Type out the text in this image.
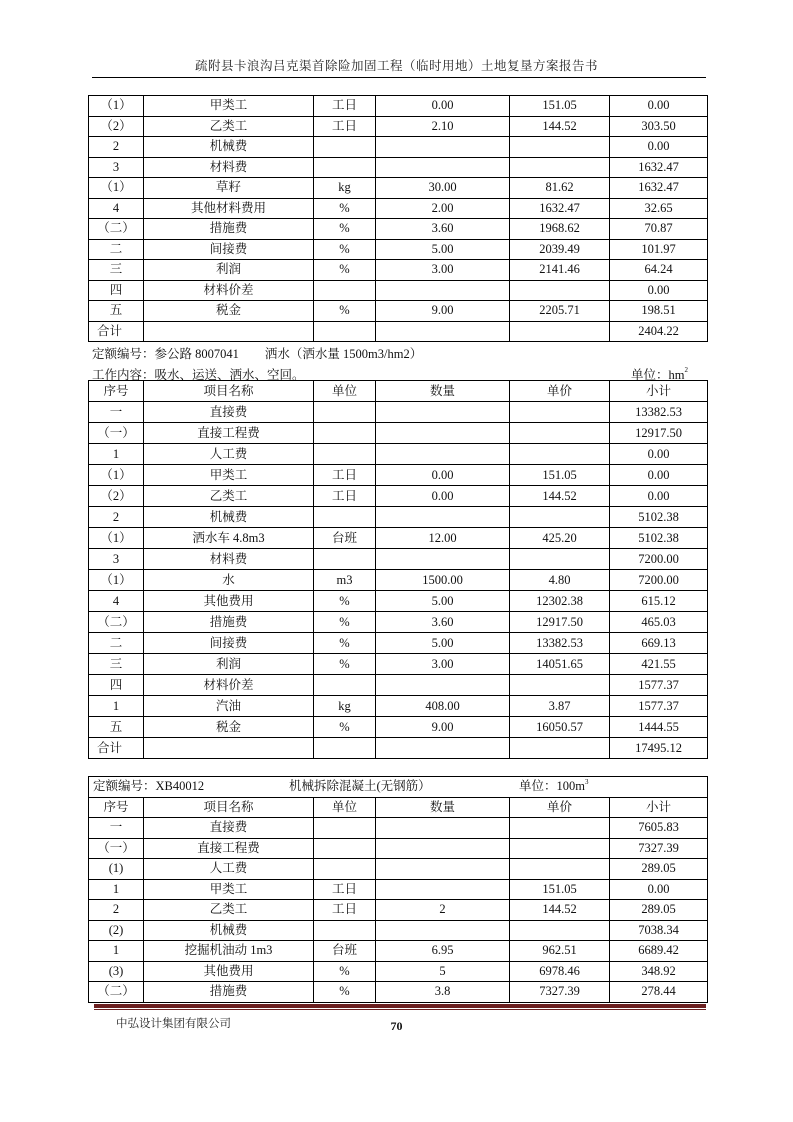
疏附县卡浪沟吕克渠首除险加固工程（临时用地）土地复垦方案报告书
（1）	甲类工	工日	0.00	151.05	0.00
（2）	乙类工	工日	2.10	144.52	303.50
2	机械费				0.00
3	材料费				1632.47
（1）	草籽	kg	30.00	81.62	1632.47
4	其他材料费用	%	2.00	1632.47	32.65
（二）	措施费	%	3.60	1968.62	70.87
二	间接费	%	5.00	2039.49	101.97
三	利润	%	3.00	2141.46	64.24
四	材料价差				0.00
五	税金	%	9.00	2205.71	198.51
合计					2404.22
定额编号：参公路 8007041 洒水（洒水量 1500m3/hm2）
工作内容：吸水、运送、洒水、空回。	单位：$hm^2$
序号	项目名称	单位	数量	单价	小计
一	直接费				13382.53
（一）	直接工程费				12917.50
1	人工费				0.00
（1）	甲类工	工日	0.00	151.05	0.00
（2）	乙类工	工日	0.00	144.52	0.00
2	机械费				5102.38
（1）	洒水车 4.8m3	台班	12.00	425.20	5102.38
3	材料费				7200.00
（1）	水	m3	1500.00	4.80	7200.00
4	其他费用	%	5.00	12302.38	615.12
（二）	措施费	%	3.60	12917.50	465.03
二	间接费	%	5.00	13382.53	669.13
三	利润	%	3.00	14051.65	421.55
四	材料价差				1577.37
1	汽油	kg	408.00	3.87	1577.37
五	税金	%	9.00	16050.57	1444.55
合计					17495.12
定额编号：XB40012 机械拆除混凝土(无钢筋） 单位：$100m^3$

序号	项目名称	单位	数量	单价	小计
一	直接费				7605.83
（一）	直接工程费				7327.39
(1)	人工费				289.05
1	甲类工	工日		151.05	0.00
2	乙类工	工日	2	144.52	289.05
(2)	机械费				7038.34
1	挖掘机油动 1m3	台班	6.95	962.51	6689.42
(3)	其他费用	%	5	6978.46	348.92
（二）	措施费	%	3.8	7327.39	278.44
中弘设计集团有限公司	70
